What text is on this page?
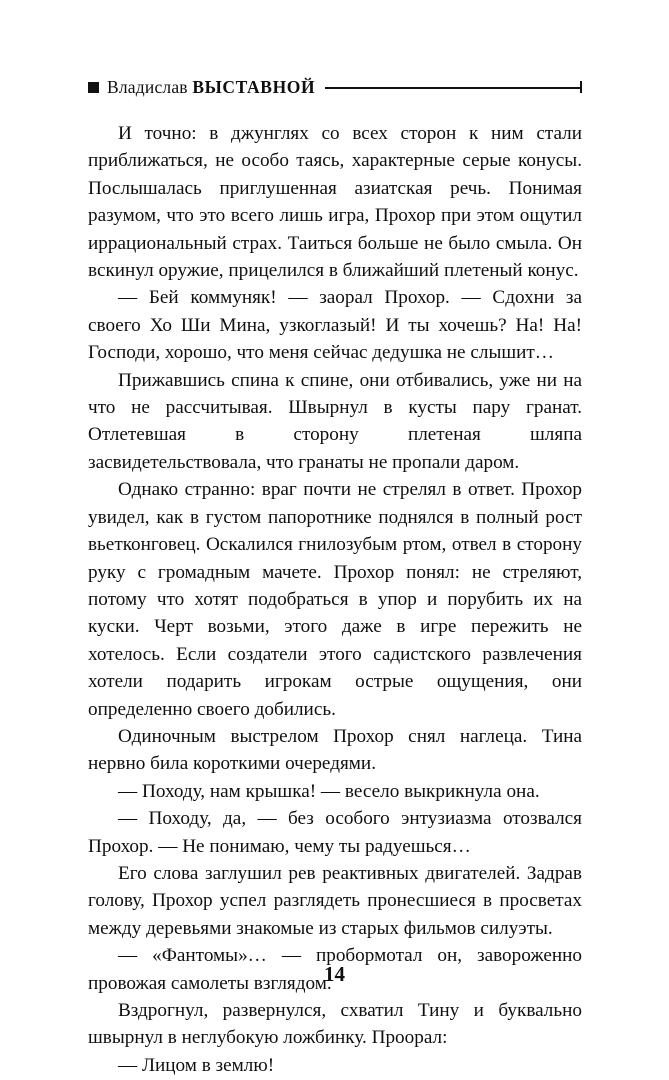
Владислав ВЫСТАВНОЙ

И точно: в джунглях со всех сторон к ним стали приближаться, не особо таясь, характерные серые конусы. Послышалась приглушенная азиатская речь. Понимая разумом, что это всего лишь игра, Прохор при этом ощутил иррациональный страх. Таиться больше не было смыла. Он вскинул оружие, прицелился в ближайший плетеный конус.

— Бей коммуняк! — заорал Прохор. — Сдохни за своего Хо Ши Мина, узкоглазый! И ты хочешь? На! На! Господи, хорошо, что меня сейчас дедушка не слышит…

Прижавшись спина к спине, они отбивались, уже ни на что не рассчитывая. Швырнул в кусты пару гранат. Отлетевшая в сторону плетеная шляпа засвидетельствовала, что гранаты не пропали даром.

Однако странно: враг почти не стрелял в ответ. Прохор увидел, как в густом папоротнике поднялся в полный рост вьетконговец. Оскалился гнилозубым ртом, отвел в сторону руку с громадным мачете. Прохор понял: не стреляют, потому что хотят подобраться в упор и порубить их на куски. Черт возьми, этого даже в игре пережить не хотелось. Если создатели этого садистского развлечения хотели подарить игрокам острые ощущения, они определенно своего добились.

Одиночным выстрелом Прохор снял наглеца. Тина нервно била короткими очередями.

— Походу, нам крышка! — весело выкрикнула она.

— Походу, да, — без особого энтузиазма отозвался Прохор. — Не понимаю, чему ты радуешься…

Его слова заглушил рев реактивных двигателей. Задрав голову, Прохор успел разглядеть пронесшиеся в просветах между деревьями знакомые из старых фильмов силуэты.

— «Фантомы»… — пробормотал он, завороженно провожая самолеты взглядом.

Вздрогнул, развернулся, схватил Тину и буквально швырнул в неглубокую ложбинку. Проорал:

— Лицом в землю!

14
